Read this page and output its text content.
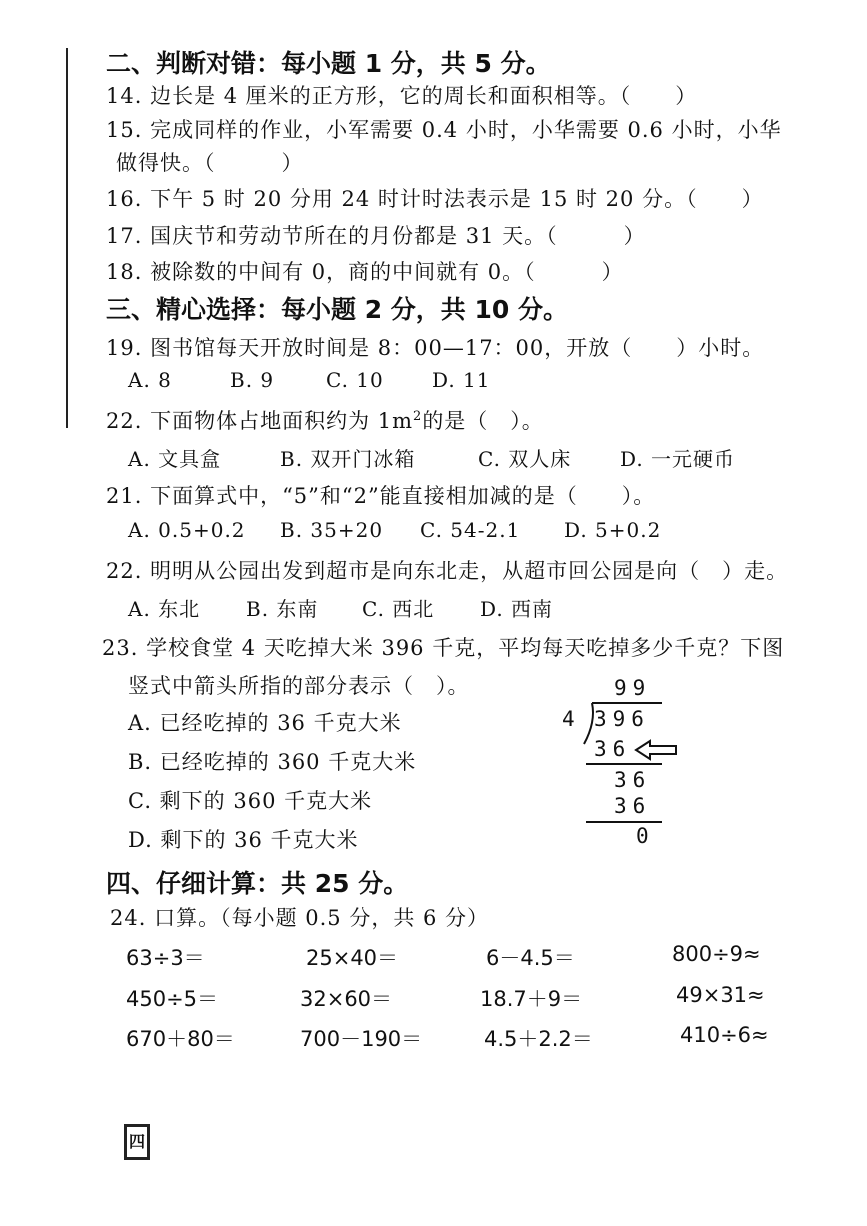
二、判断对错：每小题 1 分，共 5 分。
14. 边长是 4 厘米的正方形，它的周长和面积相等。（　　）
15. 完成同样的作业，小军需要 0.4 小时，小华需要 0.6 小时，小华
做得快。（　　　）
16. 下午 5 时 20 分用 24 时计时法表示是 15 时 20 分。（　　）
17. 国庆节和劳动节所在的月份都是 31 天。（　　　）
18. 被除数的中间有 0，商的中间就有 0。（　　　）
三、精心选择：每小题 2 分，共 10 分。
19. 图书馆每天开放时间是 8：00—17：00，开放（　　）小时。
A. 8	B. 9	C. 10 D. 11
22. 下面物体占地面积约为 $1m^2$的是（　）。
A. 文具盒	B. 双开门冰箱	C. 双人床 D. 一元硬币
21. 下面算式中，“5”和“2”能直接相加减的是（　　）。
A. 0.5+0.2 B. 35+20 C. 54-2.1 D. 5+0.2
22. 明明从公园出发到超市是向东北走，从超市回公园是向（　）走。
A. 东北 B. 东南 C. 西北 D. 西南
23. 学校食堂 4 天吃掉大米 396 千克，平均每天吃掉多少千克？下图
竖式中箭头所指的部分表示（　）。
A. 已经吃掉的 36 千克大米
B. 已经吃掉的 360 千克大米
C. 剩下的 360 千克大米
D. 剩下的 36 千克大米
99
4 396
36
36
36
0
四、仔细计算：共 25 分。
24. 口算。（每小题 0.5 分，共 6 分）
63÷3＝	25×40＝	6－4.5＝	800÷9≈
450÷5＝	32×60＝	18.7＋9＝	49×31≈
670＋80＝	700－190＝	4.5＋2.2＝	410÷6≈
四
